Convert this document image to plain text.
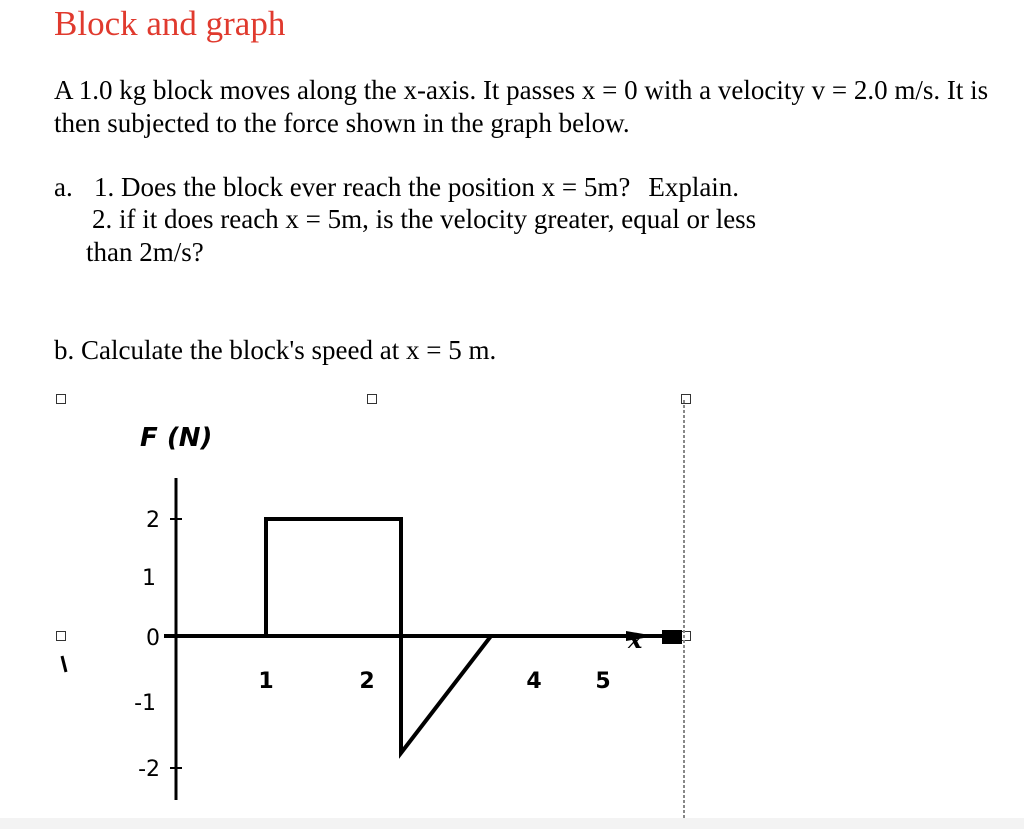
Block and graph
A 1.0 kg block moves along the x-axis. It passes x = 0 with a velocity v = 2.0 m/s. It is then subjected to the force shown in the graph below.
a. 1. Does the block ever reach the position x = 5m? Explain.
2. if it does reach x = 5m, is the velocity greater, equal or less
than 2m/s?
b. Calculate the block's speed at x = 5 m.
F (N)
x
2
1
0
-1
-2
1	2	4 5
